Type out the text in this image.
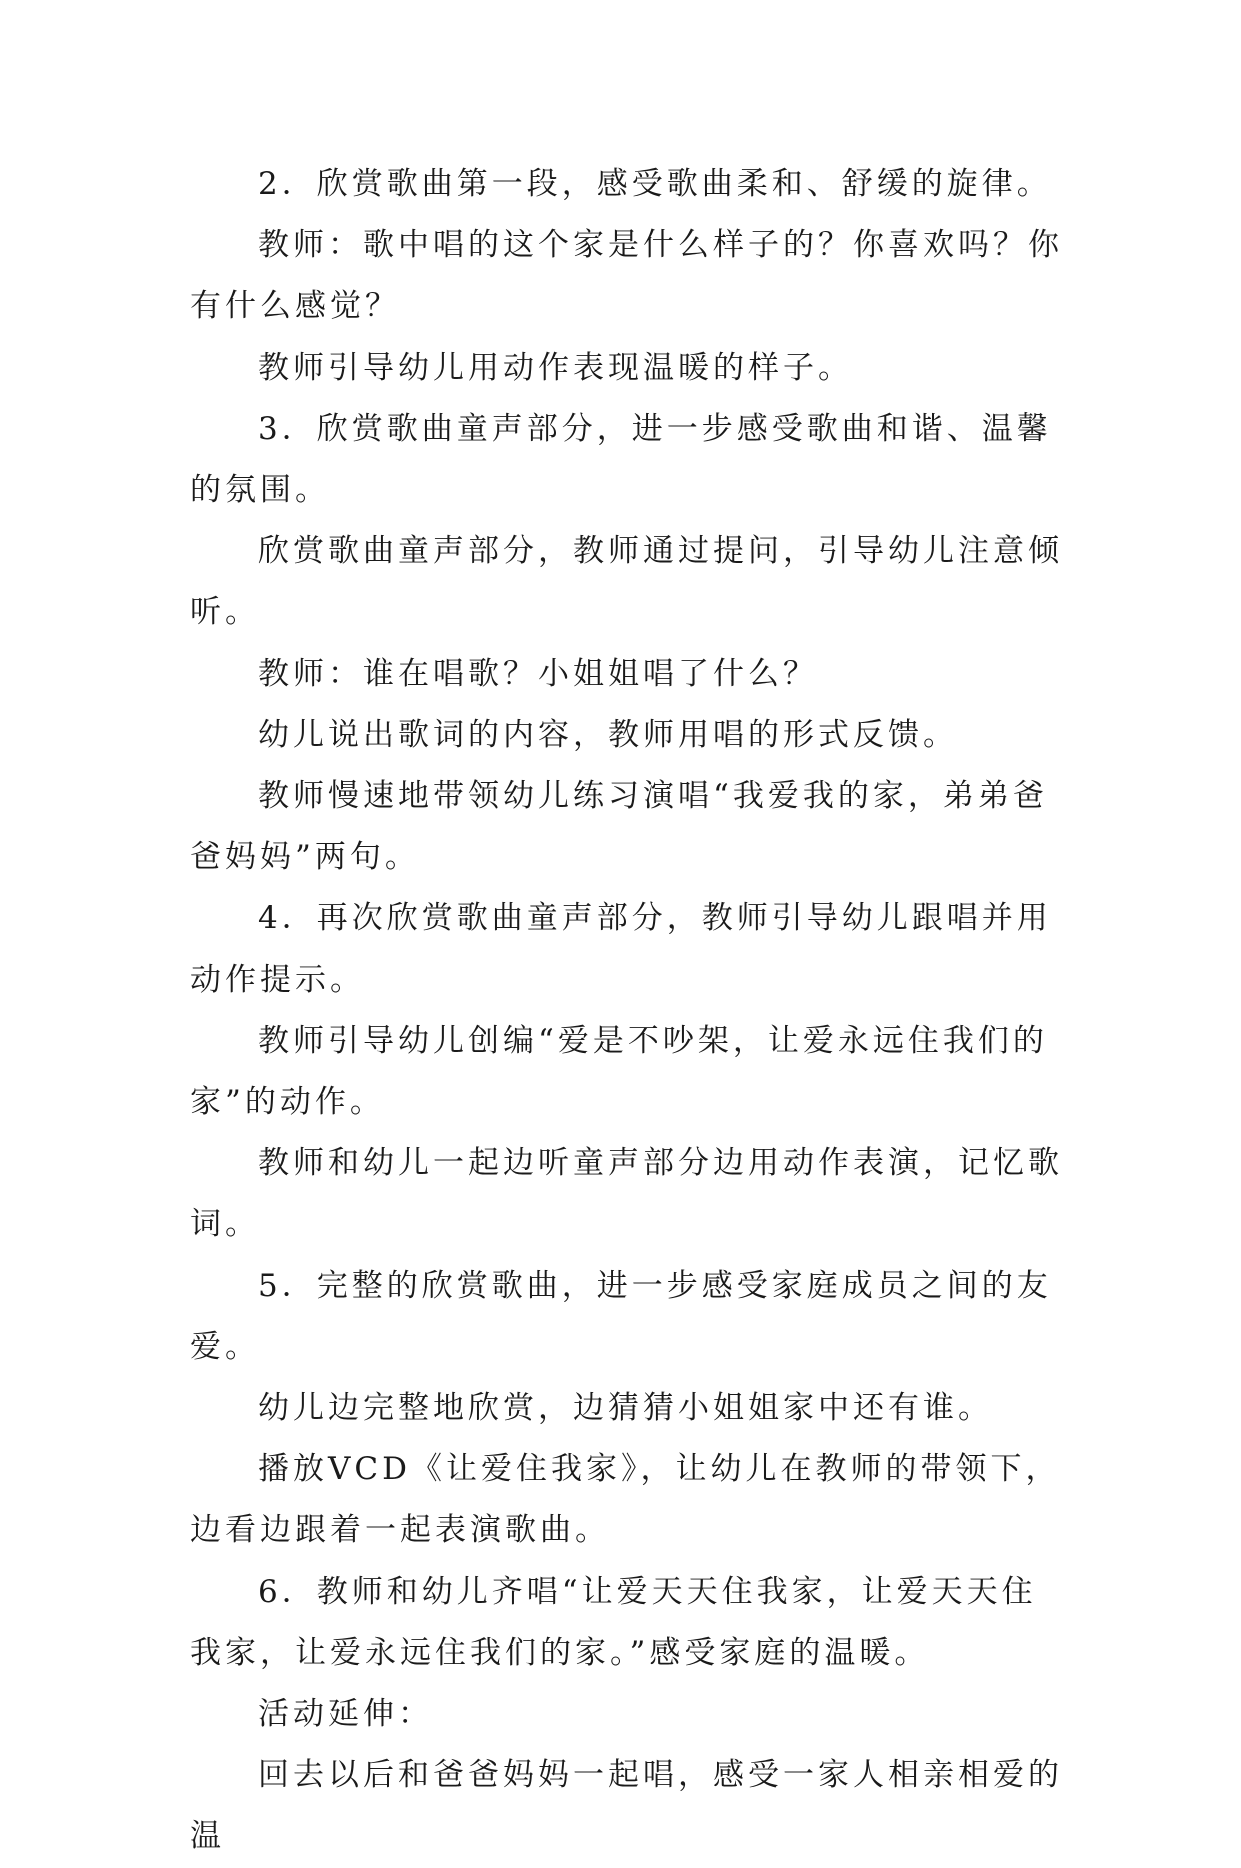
2．欣赏歌曲第一段，感受歌曲柔和、舒缓的旋律。

教师：歌中唱的这个家是什么样子的？你喜欢吗？你有什么感觉？

教师引导幼儿用动作表现温暖的样子。

3．欣赏歌曲童声部分，进一步感受歌曲和谐、温馨的氛围。

欣赏歌曲童声部分，教师通过提问，引导幼儿注意倾听。

教师：谁在唱歌？小姐姐唱了什么？

幼儿说出歌词的内容，教师用唱的形式反馈。

教师慢速地带领幼儿练习演唱“我爱我的家，弟弟爸爸妈妈”两句。

4．再次欣赏歌曲童声部分，教师引导幼儿跟唱并用动作提示。

教师引导幼儿创编“爱是不吵架，让爱永远住我们的家”的动作。

教师和幼儿一起边听童声部分边用动作表演，记忆歌词。

5．完整的欣赏歌曲，进一步感受家庭成员之间的友爱。

幼儿边完整地欣赏，边猜猜小姐姐家中还有谁。

播放VCD《让爱住我家》，让幼儿在教师的带领下，边看边跟着一起表演歌曲。

6．教师和幼儿齐唱“让爱天天住我家，让爱天天住我家，让爱永远住我们的家。”感受家庭的温暖。

活动延伸：

回去以后和爸爸妈妈一起唱，感受一家人相亲相爱的温
